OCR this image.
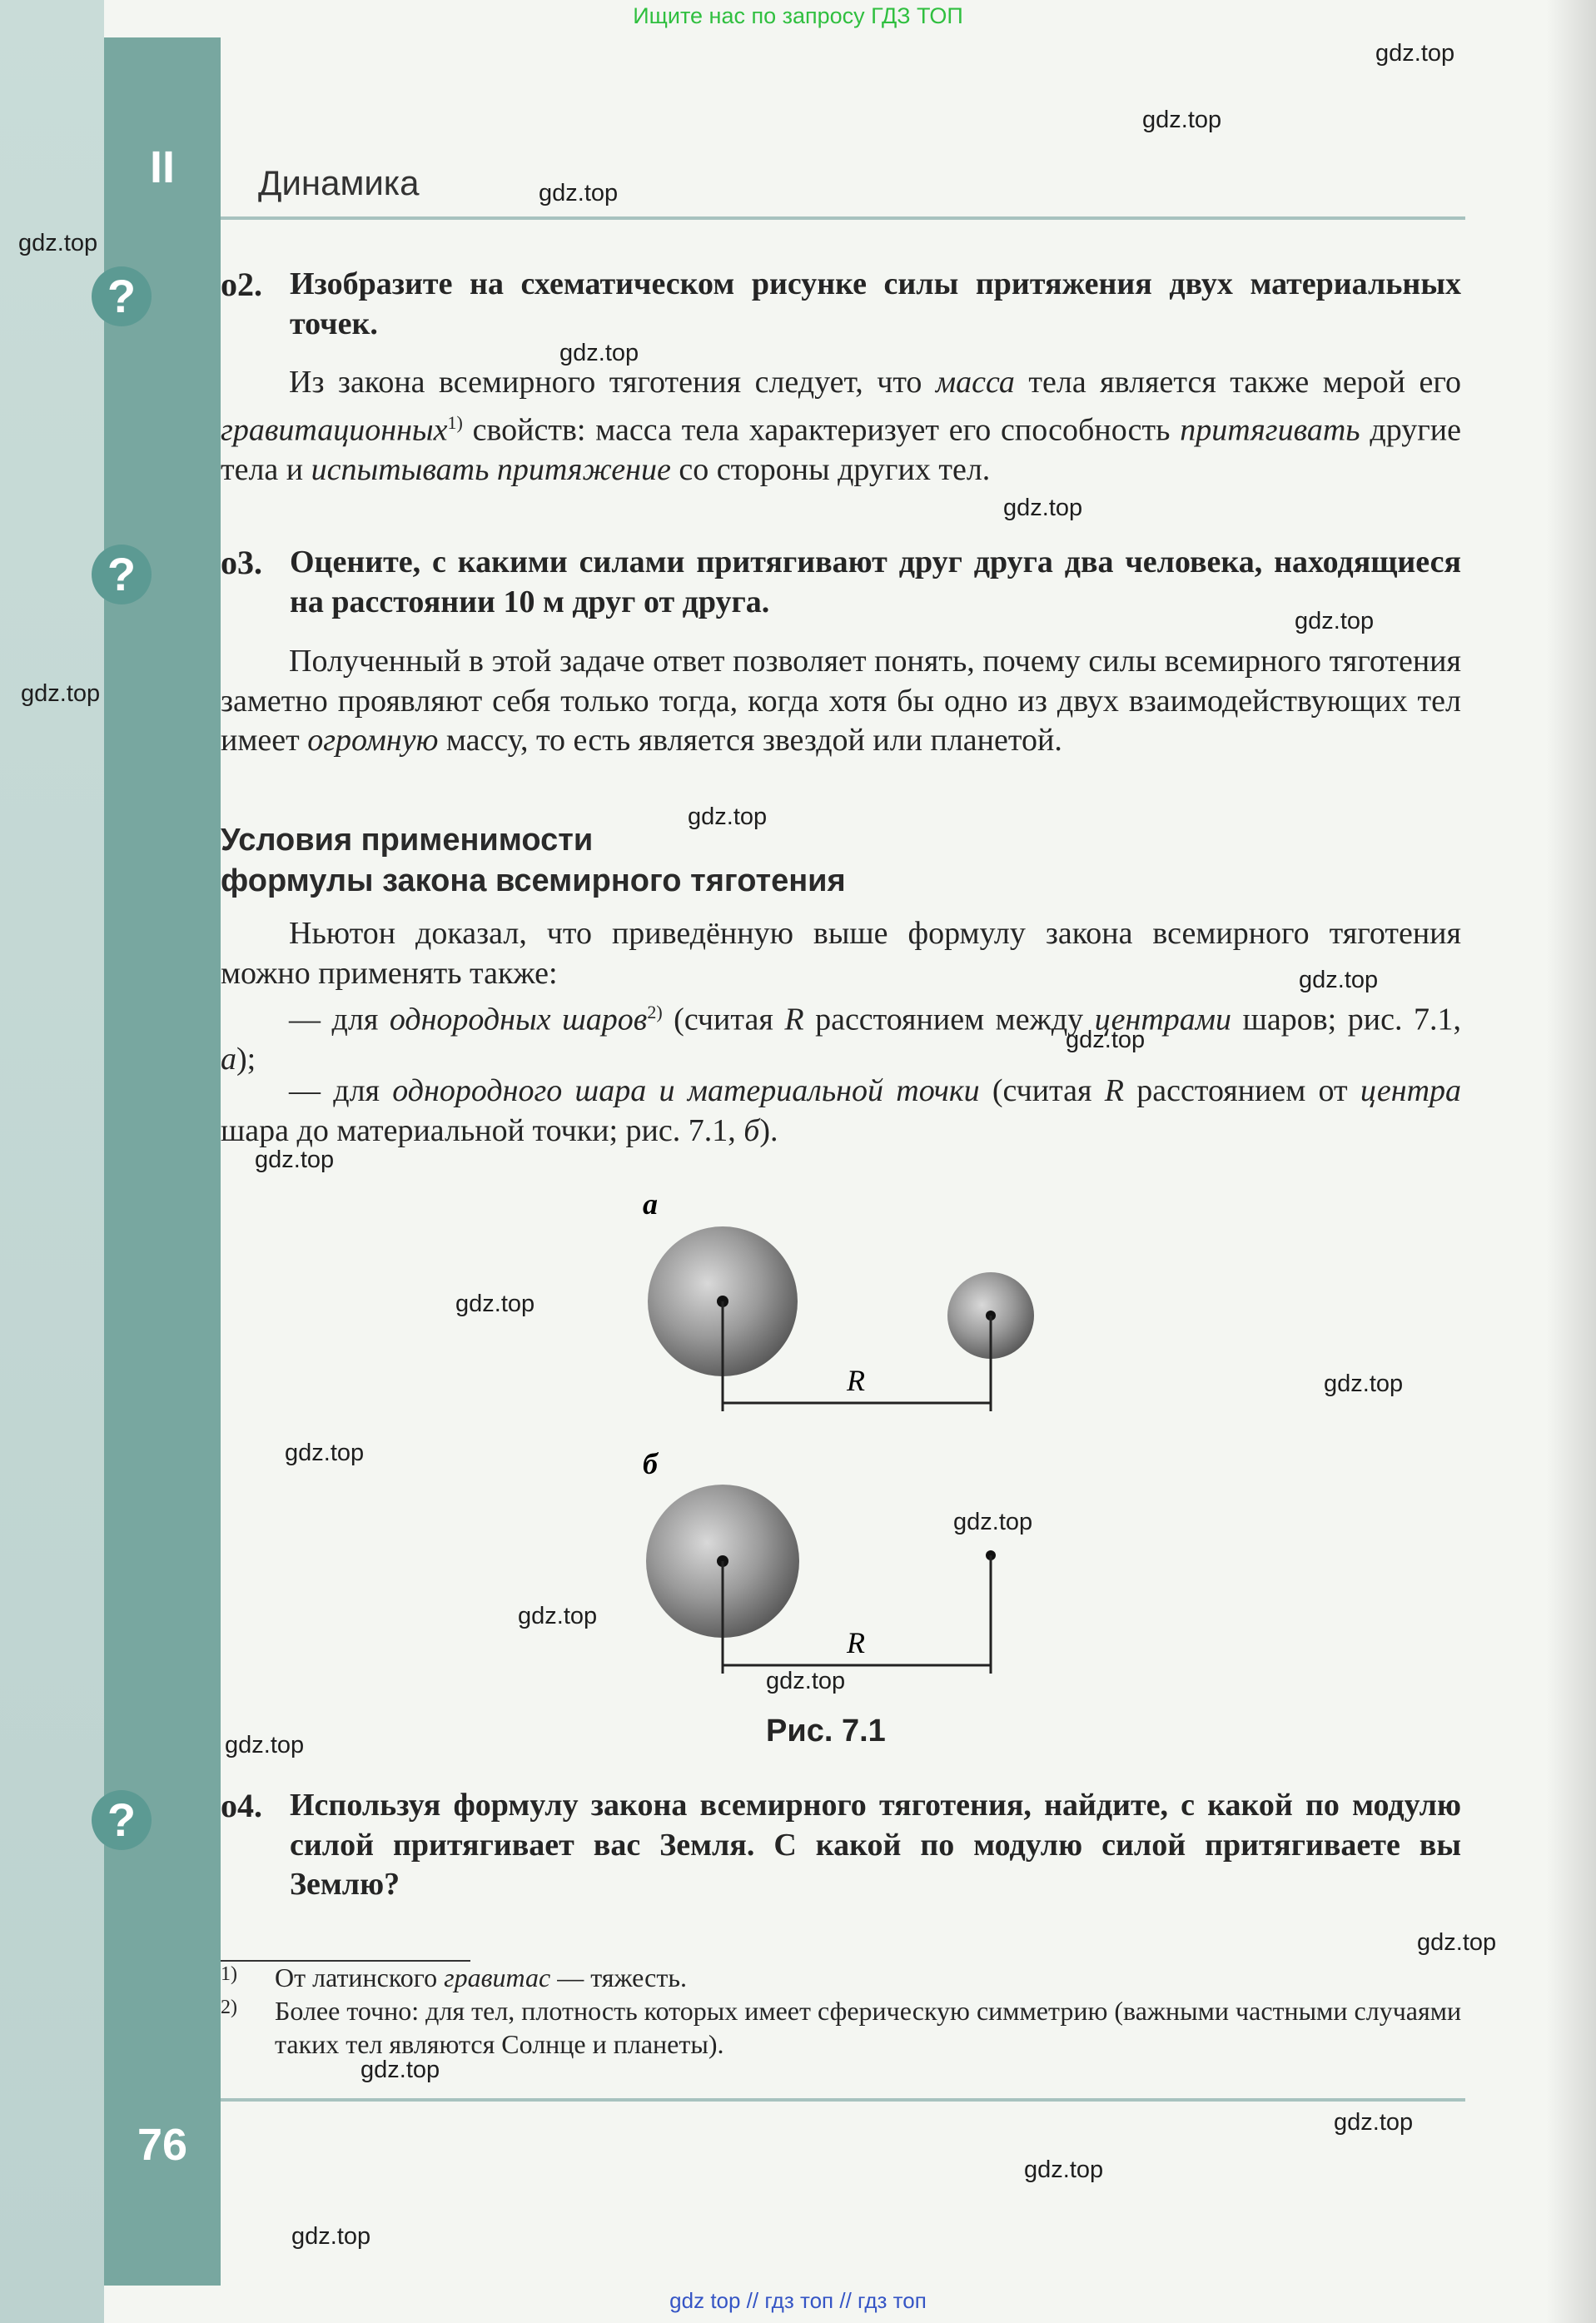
II
Ищите нас по запросу ГДЗ ТОП
Динамика
gdz.top
gdz.top
gdz.top
gdz.top
gdz.top
gdz.top
gdz.top
gdz.top
gdz.top
gdz.top
gdz.top
gdz.top
gdz.top
gdz.top
gdz.top
gdz.top
gdz.top
gdz.top
gdz.top
gdz.top
gdz.top
gdz.top
gdz.top
gdz.top
?
?
?
о2. Изобразите на схематическом рисунке силы притяжения двух материальных точек.
Из закона всемирного тяготения следует, что масса тела является также мерой его гравитационных$^{1)}$ свойств: масса тела характеризует его способность притягивать другие тела и испытывать притяжение со стороны других тел.
о3. Оцените, с какими силами притягивают друг друга два человека, находящиеся на расстоянии 10 м друг от друга.
Полученный в этой задаче ответ позволяет понять, почему силы всемирного тяготения заметно проявляют себя только тогда, когда хотя бы одно из двух взаимодействующих тел имеет огромную массу, то есть является звездой или планетой.
Условия применимости
формулы закона всемирного тяготения
Ньютон доказал, что приведённую выше формулу закона всемирного тяготения можно применять также:
— для однородных шаров$^{2)}$ (считая R расстоянием между центрами шаров; рис. 7.1, а);
— для однородного шара и материальной точки (считая R расстоянием от центра шара до материальной точки; рис. 7.1, б).
а
R
б
R
Рис. 7.1
о4. Используя формулу закона всемирного тяготения, найдите, с какой по модулю силой притягивает вас Земля. С какой по модулю силой притягиваете вы Землю?
1) От латинского гравитас — тяжесть.
2) Более точно: для тел, плотность которых имеет сферическую симметрию (важными частными случаями таких тел являются Солнце и планеты).
76
gdz top // гдз топ // гдз топ
